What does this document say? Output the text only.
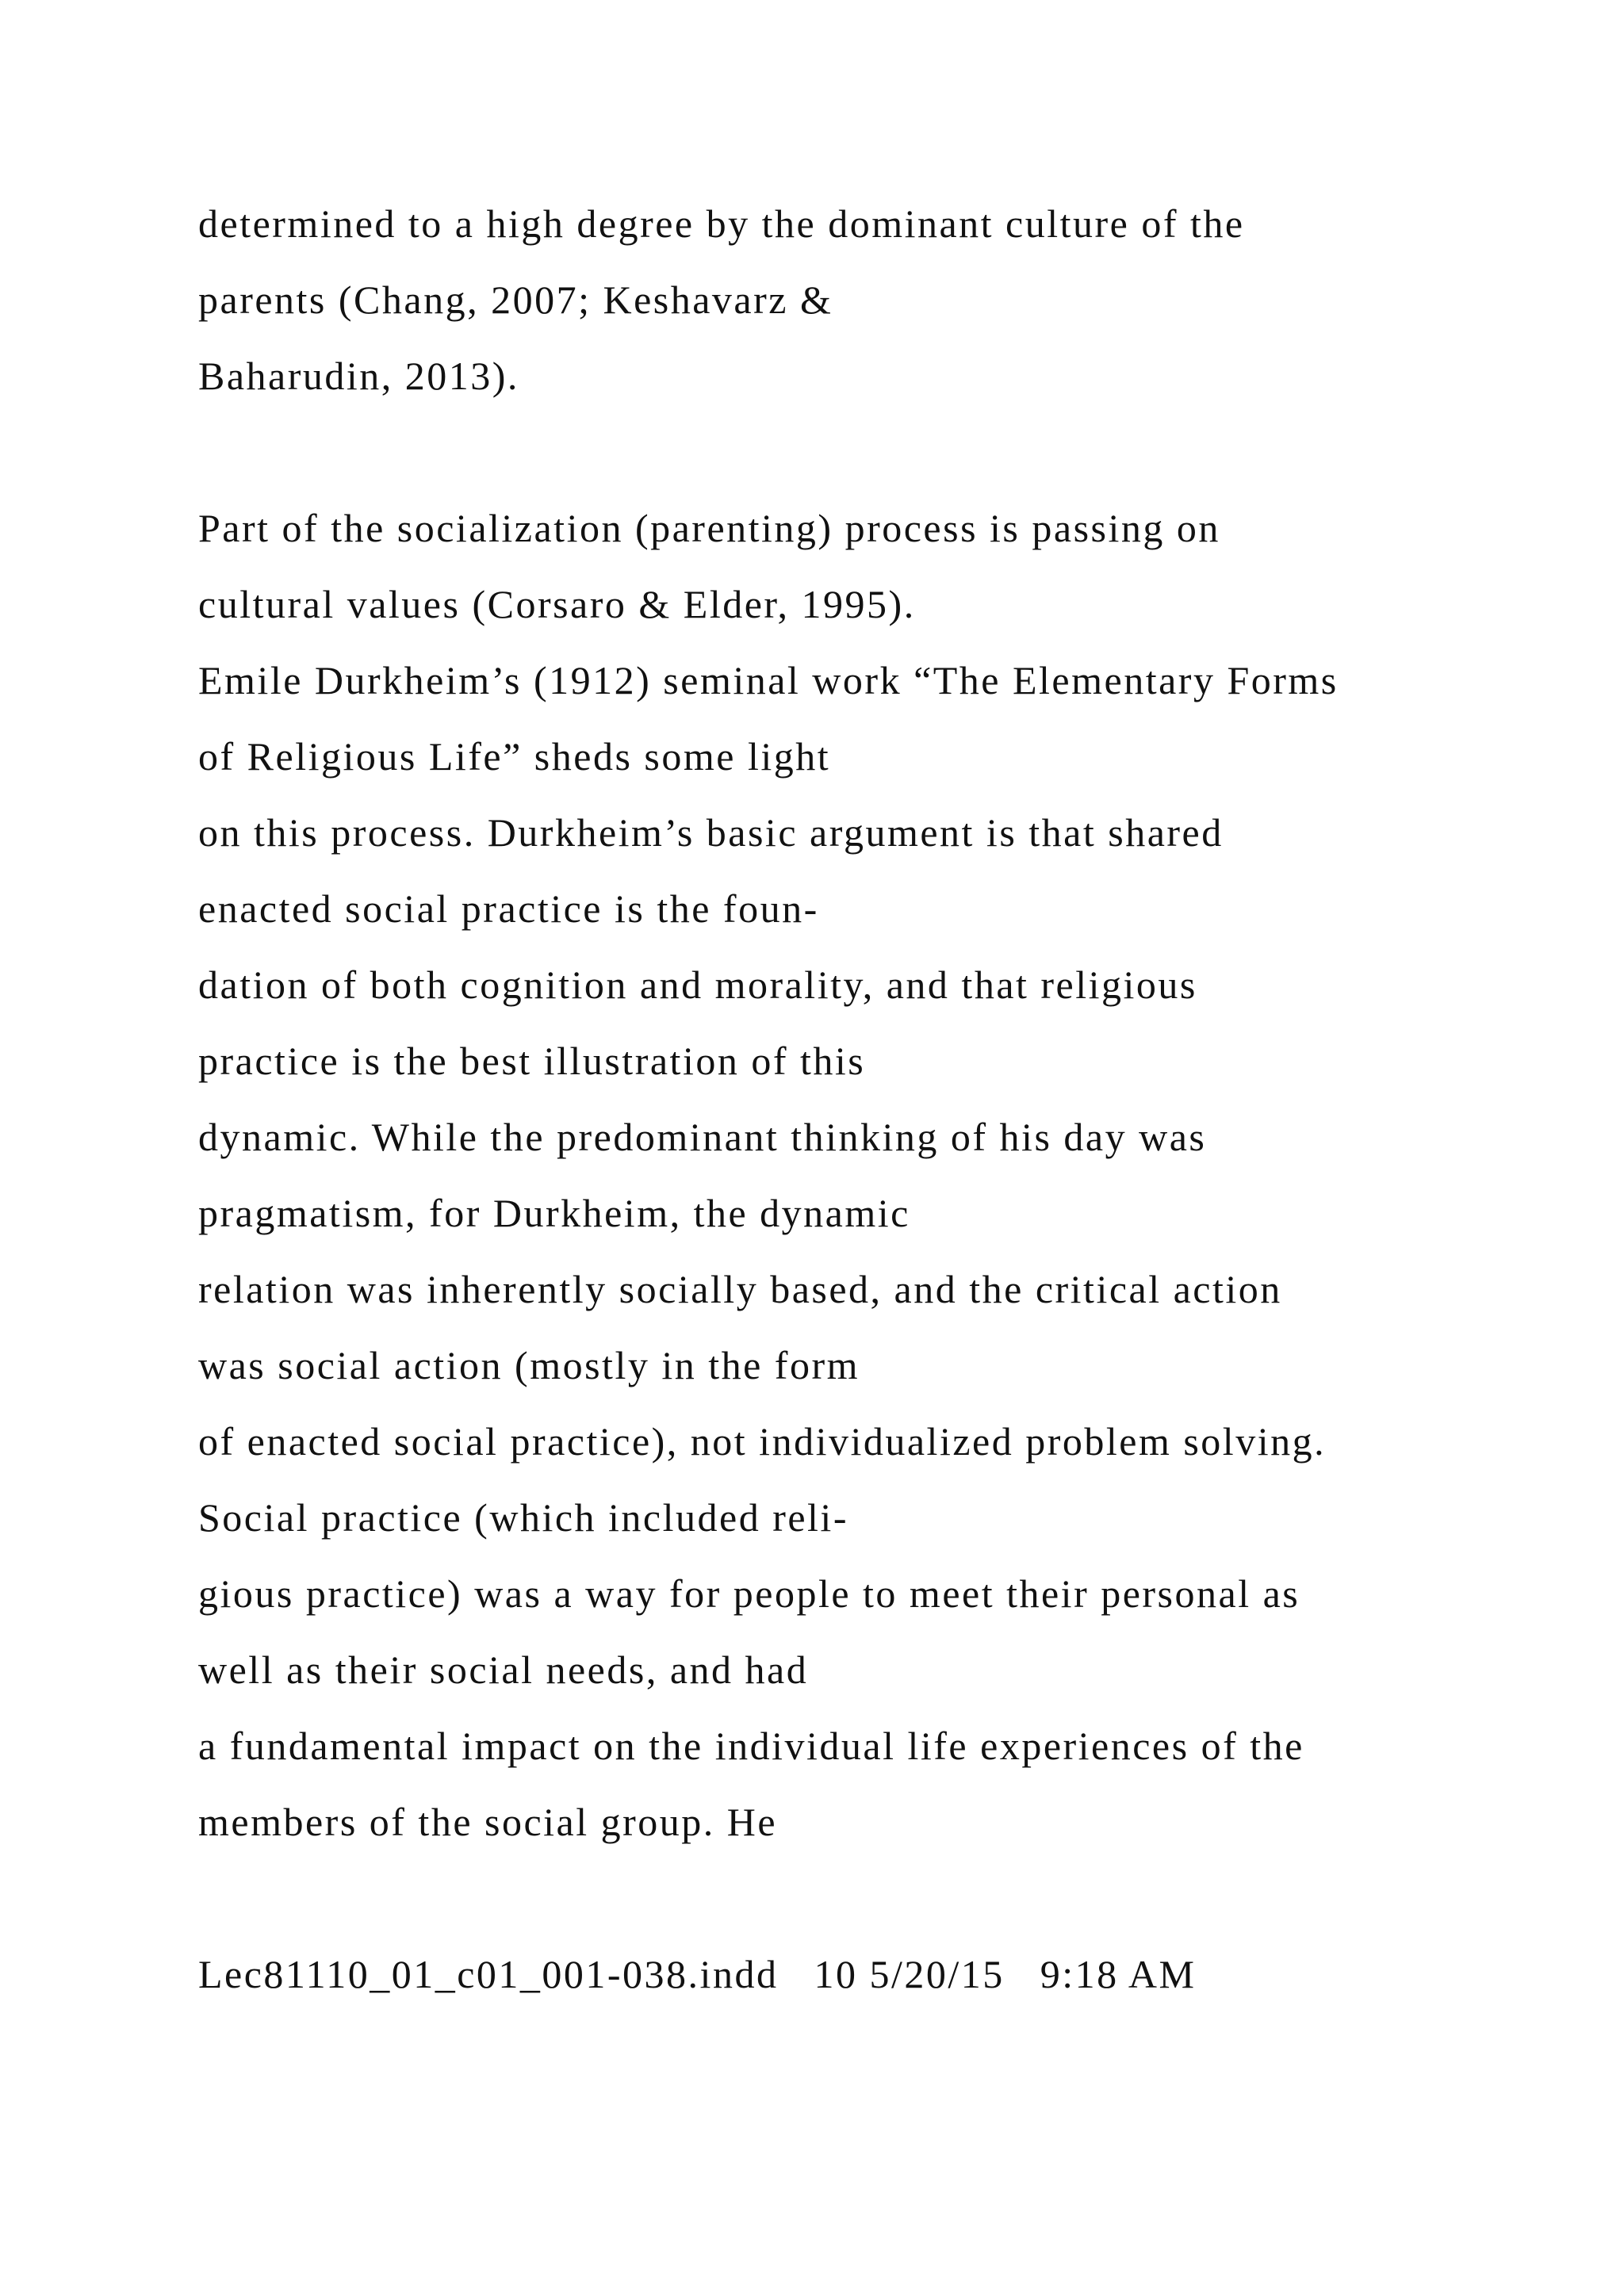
determined to a high degree by the dominant culture of the

parents (Chang, 2007; Keshavarz &

Baharudin, 2013).

Part of the socialization (parenting) process is passing on

cultural values (Corsaro & Elder, 1995).

Emile Durkheim’s (1912) seminal work “The Elementary Forms

of Religious Life” sheds some light

on this process. Durkheim’s basic argument is that shared

enacted social practice is the foun-

dation of both cognition and morality, and that religious

practice is the best illustration of this

dynamic. While the predominant thinking of his day was

pragmatism, for Durkheim, the dynamic

relation was inherently socially based, and the critical action

was social action (mostly in the form

of enacted social practice), not individualized problem solving.

Social practice (which included reli-

gious practice) was a way for people to meet their personal as

well as their social needs, and had

a fundamental impact on the individual life experiences of the

members of the social group. He

Lec81110_01_c01_001-038.indd   10 5/20/15   9:18 AM
